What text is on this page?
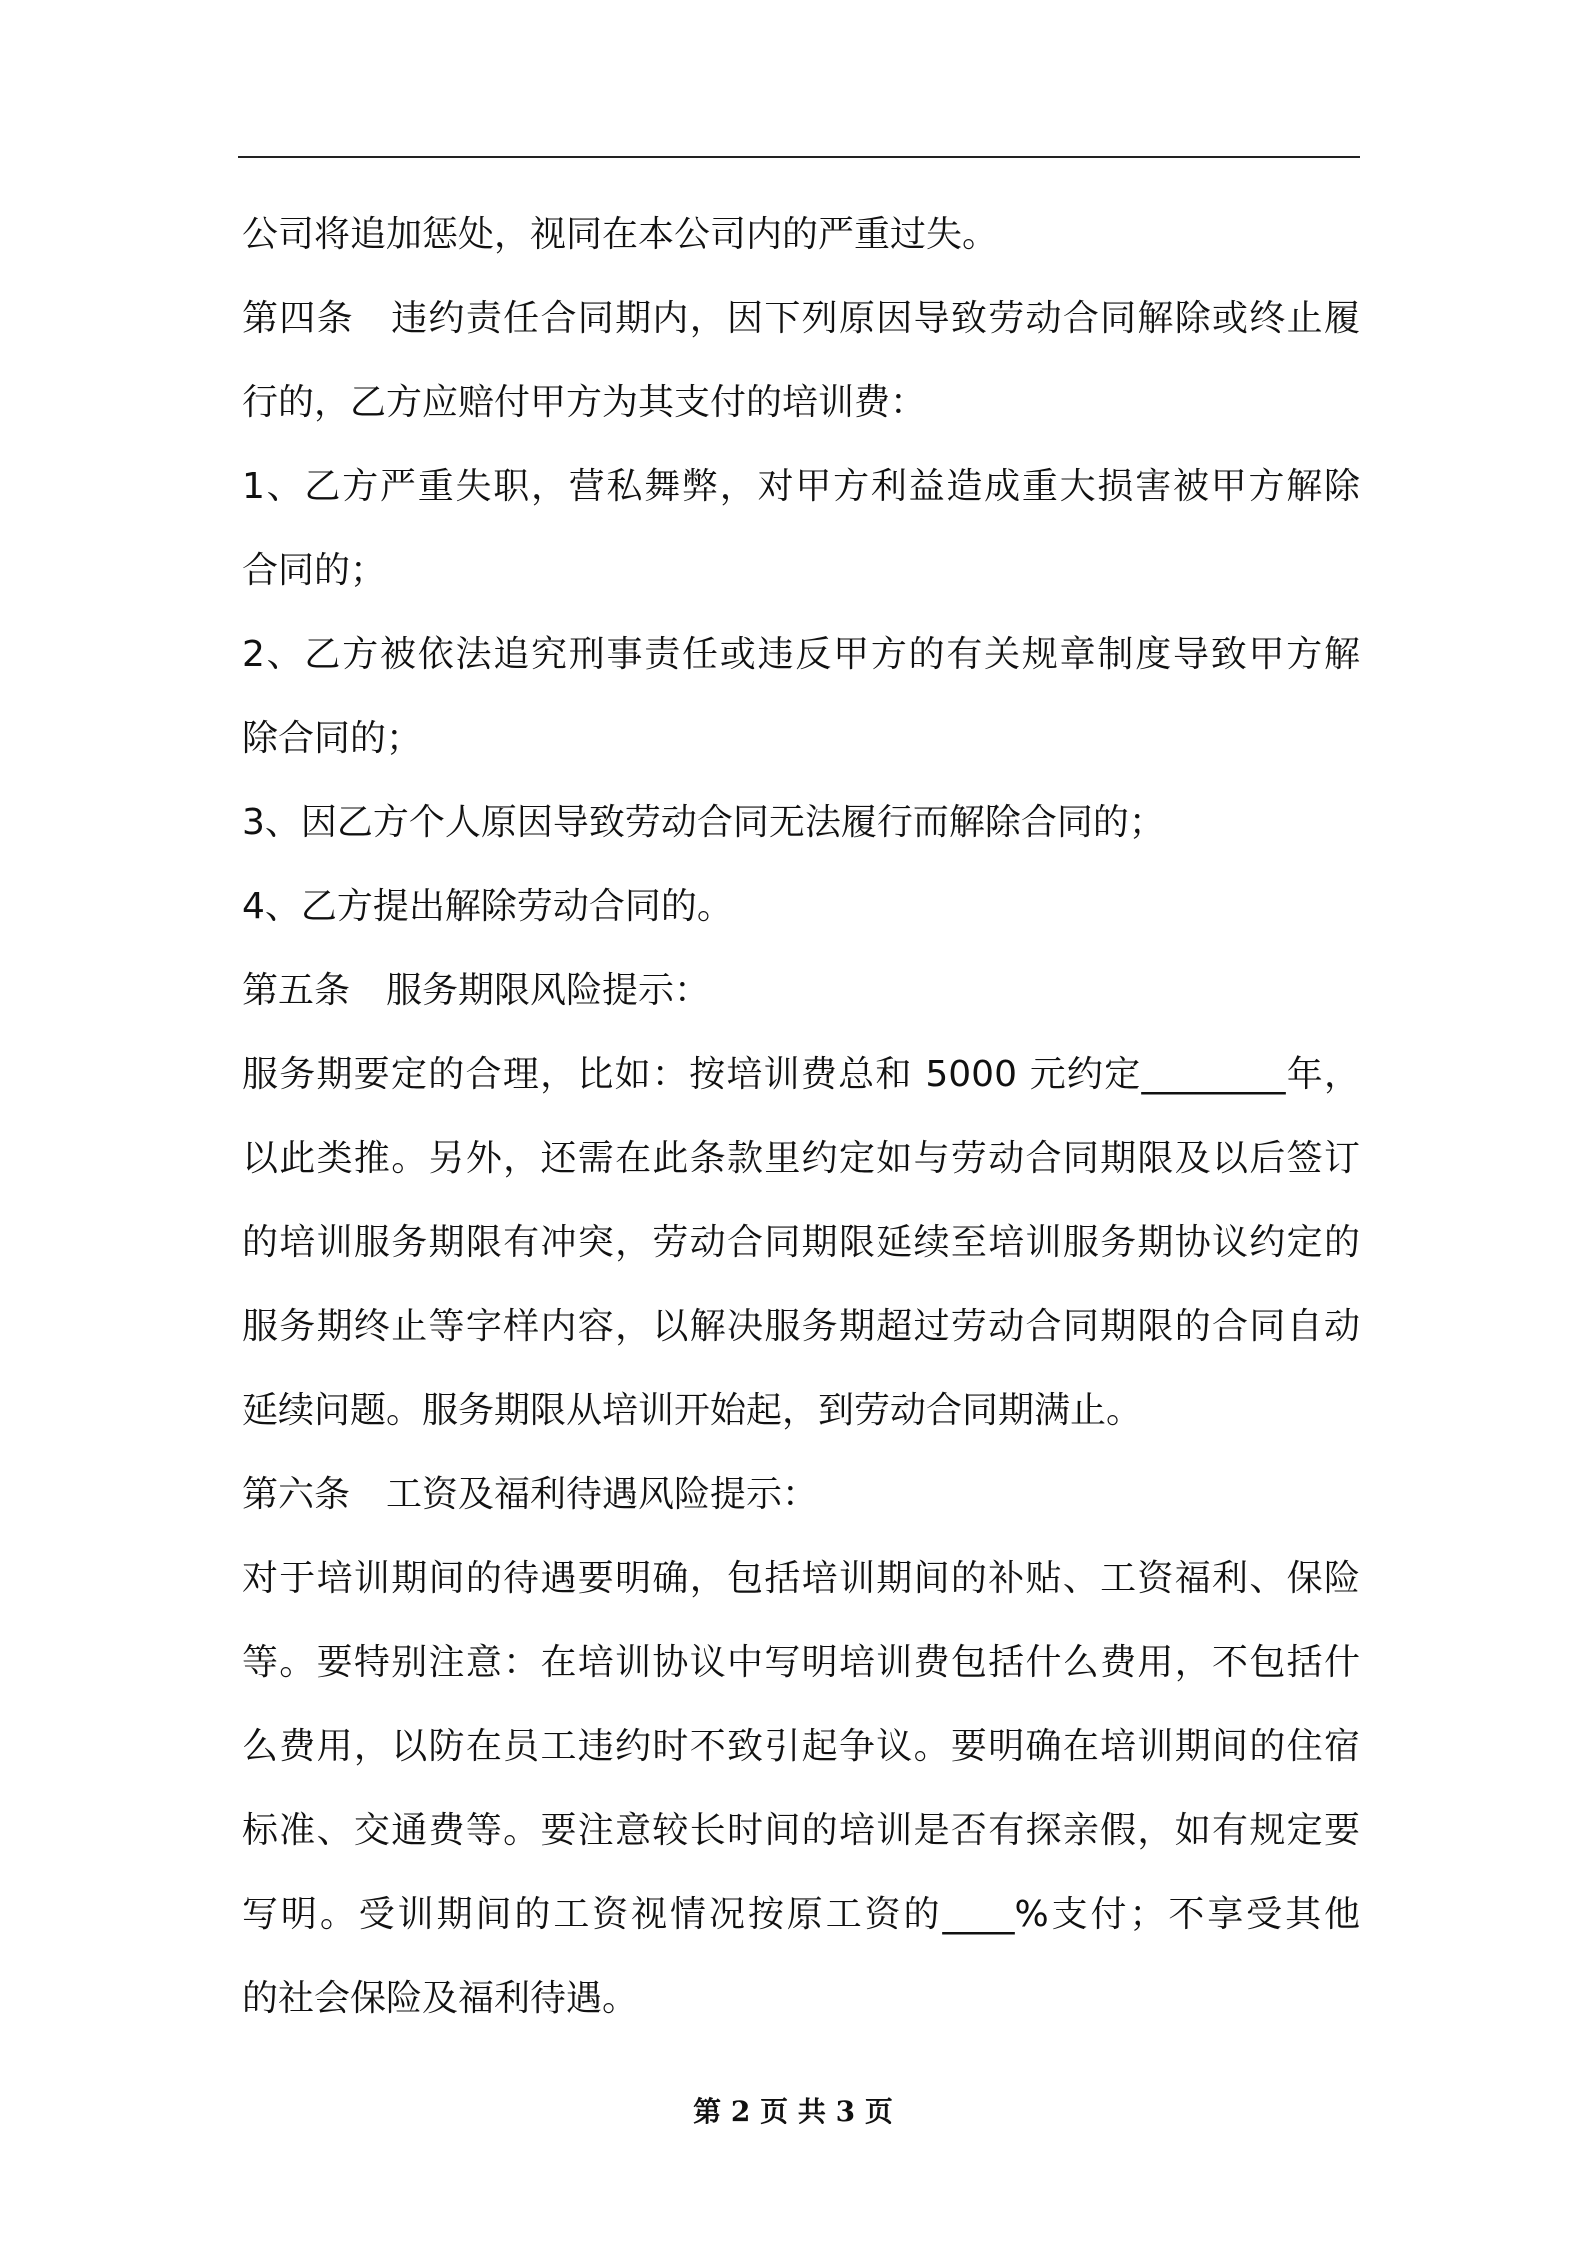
公司将追加惩处，视同在本公司内的严重过失。
第四条　违约责任合同期内，因下列原因导致劳动合同解除或终止履
行的，乙方应赔付甲方为其支付的培训费：
1、乙方严重失职，营私舞弊，对甲方利益造成重大损害被甲方解除
合同的；
2、乙方被依法追究刑事责任或违反甲方的有关规章制度导致甲方解
除合同的；
3、因乙方个人原因导致劳动合同无法履行而解除合同的；
4、乙方提出解除劳动合同的。
第五条　服务期限风险提示：
服务期要定的合理，比如：按培训费总和 5000 元约定________年，
以此类推。另外，还需在此条款里约定如与劳动合同期限及以后签订
的培训服务期限有冲突，劳动合同期限延续至培训服务期协议约定的
服务期终止等字样内容，以解决服务期超过劳动合同期限的合同自动
延续问题。服务期限从培训开始起，到劳动合同期满止。
第六条　工资及福利待遇风险提示：
对于培训期间的待遇要明确，包括培训期间的补贴、工资福利、保险
等。要特别注意：在培训协议中写明培训费包括什么费用，不包括什
么费用，以防在员工违约时不致引起争议。要明确在培训期间的住宿
标准、交通费等。要注意较长时间的培训是否有探亲假，如有规定要
写明。受训期间的工资视情况按原工资的____%支付；不享受其他
的社会保险及福利待遇。
第 2 页 共 3 页
